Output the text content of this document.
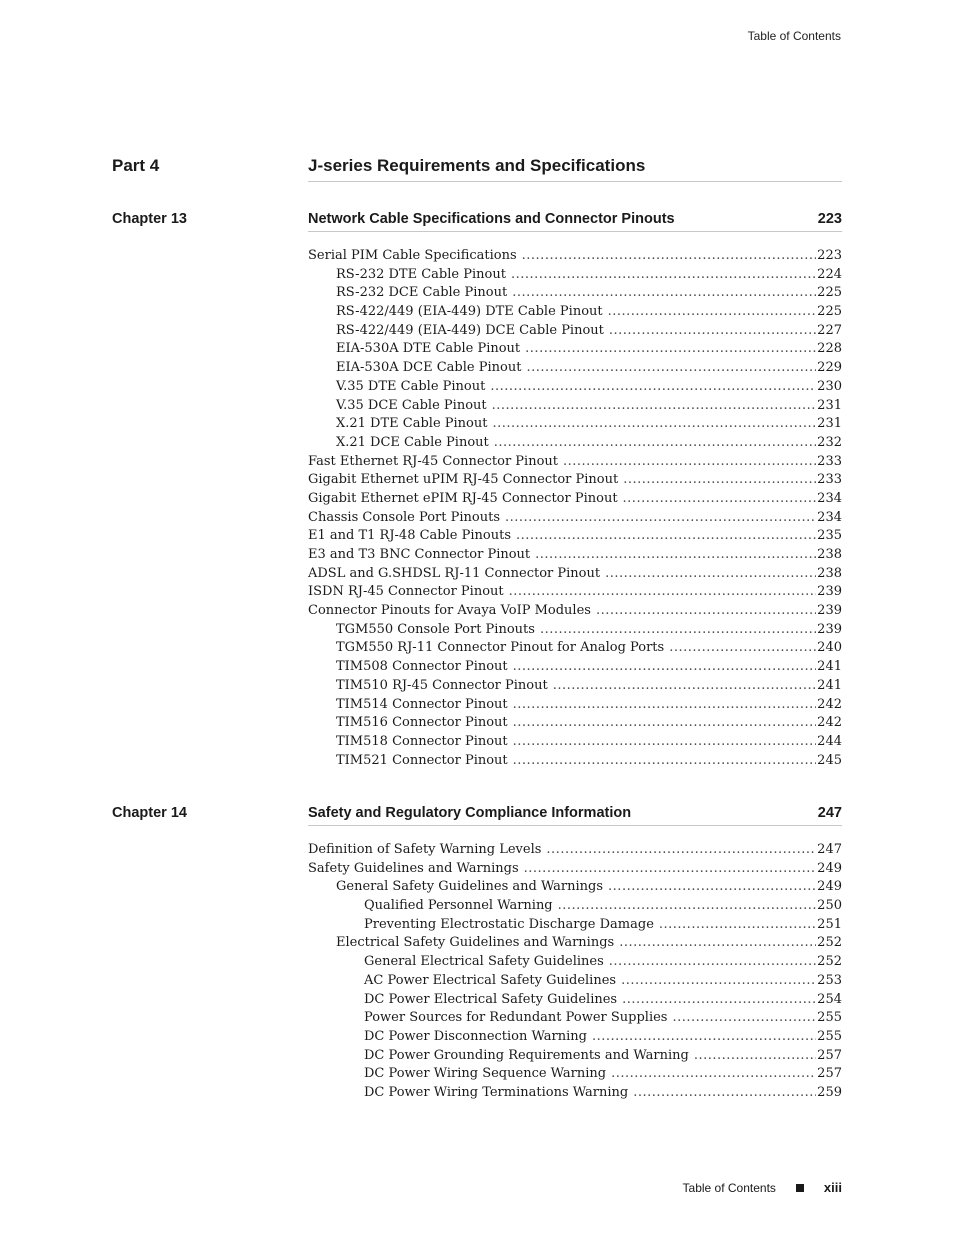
Table of Contents
Part 4	J-series Requirements and Specifications
Chapter 13	Network Cable Specifications and Connector Pinouts	223
Serial PIM Cable Specifications .....	223
RS-232 DTE Cable Pinout .....	224
RS-232 DCE Cable Pinout .....	225
RS-422/449 (EIA-449) DTE Cable Pinout .....	225
RS-422/449 (EIA-449) DCE Cable Pinout .....	227
EIA-530A DTE Cable Pinout .....	228
EIA-530A DCE Cable Pinout .....	229
V.35 DTE Cable Pinout .....	230
V.35 DCE Cable Pinout .....	231
X.21 DTE Cable Pinout .....	231
X.21 DCE Cable Pinout .....	232
Fast Ethernet RJ-45 Connector Pinout .....	233
Gigabit Ethernet uPIM RJ-45 Connector Pinout .....	233
Gigabit Ethernet ePIM RJ-45 Connector Pinout .....	234
Chassis Console Port Pinouts .....	234
E1 and T1 RJ-48 Cable Pinouts .....	235
E3 and T3 BNC Connector Pinout .....	238
ADSL and G.SHDSL RJ-11 Connector Pinout .....	238
ISDN RJ-45 Connector Pinout .....	239
Connector Pinouts for Avaya VoIP Modules .....	239
TGM550 Console Port Pinouts .....	239
TGM550 RJ-11 Connector Pinout for Analog Ports .....	240
TIM508 Connector Pinout .....	241
TIM510 RJ-45 Connector Pinout .....	241
TIM514 Connector Pinout .....	242
TIM516 Connector Pinout .....	242
TIM518 Connector Pinout .....	244
TIM521 Connector Pinout .....	245
Chapter 14	Safety and Regulatory Compliance Information	247
Definition of Safety Warning Levels .....	247
Safety Guidelines and Warnings .....	249
General Safety Guidelines and Warnings .....	249
Qualified Personnel Warning .....	250
Preventing Electrostatic Discharge Damage .....	251
Electrical Safety Guidelines and Warnings .....	252
General Electrical Safety Guidelines .....	252
AC Power Electrical Safety Guidelines .....	253
DC Power Electrical Safety Guidelines .....	254
Power Sources for Redundant Power Supplies .....	255
DC Power Disconnection Warning .....	255
DC Power Grounding Requirements and Warning .....	257
DC Power Wiring Sequence Warning .....	257
DC Power Wiring Terminations Warning .....	259
Table of Contents	xiii
